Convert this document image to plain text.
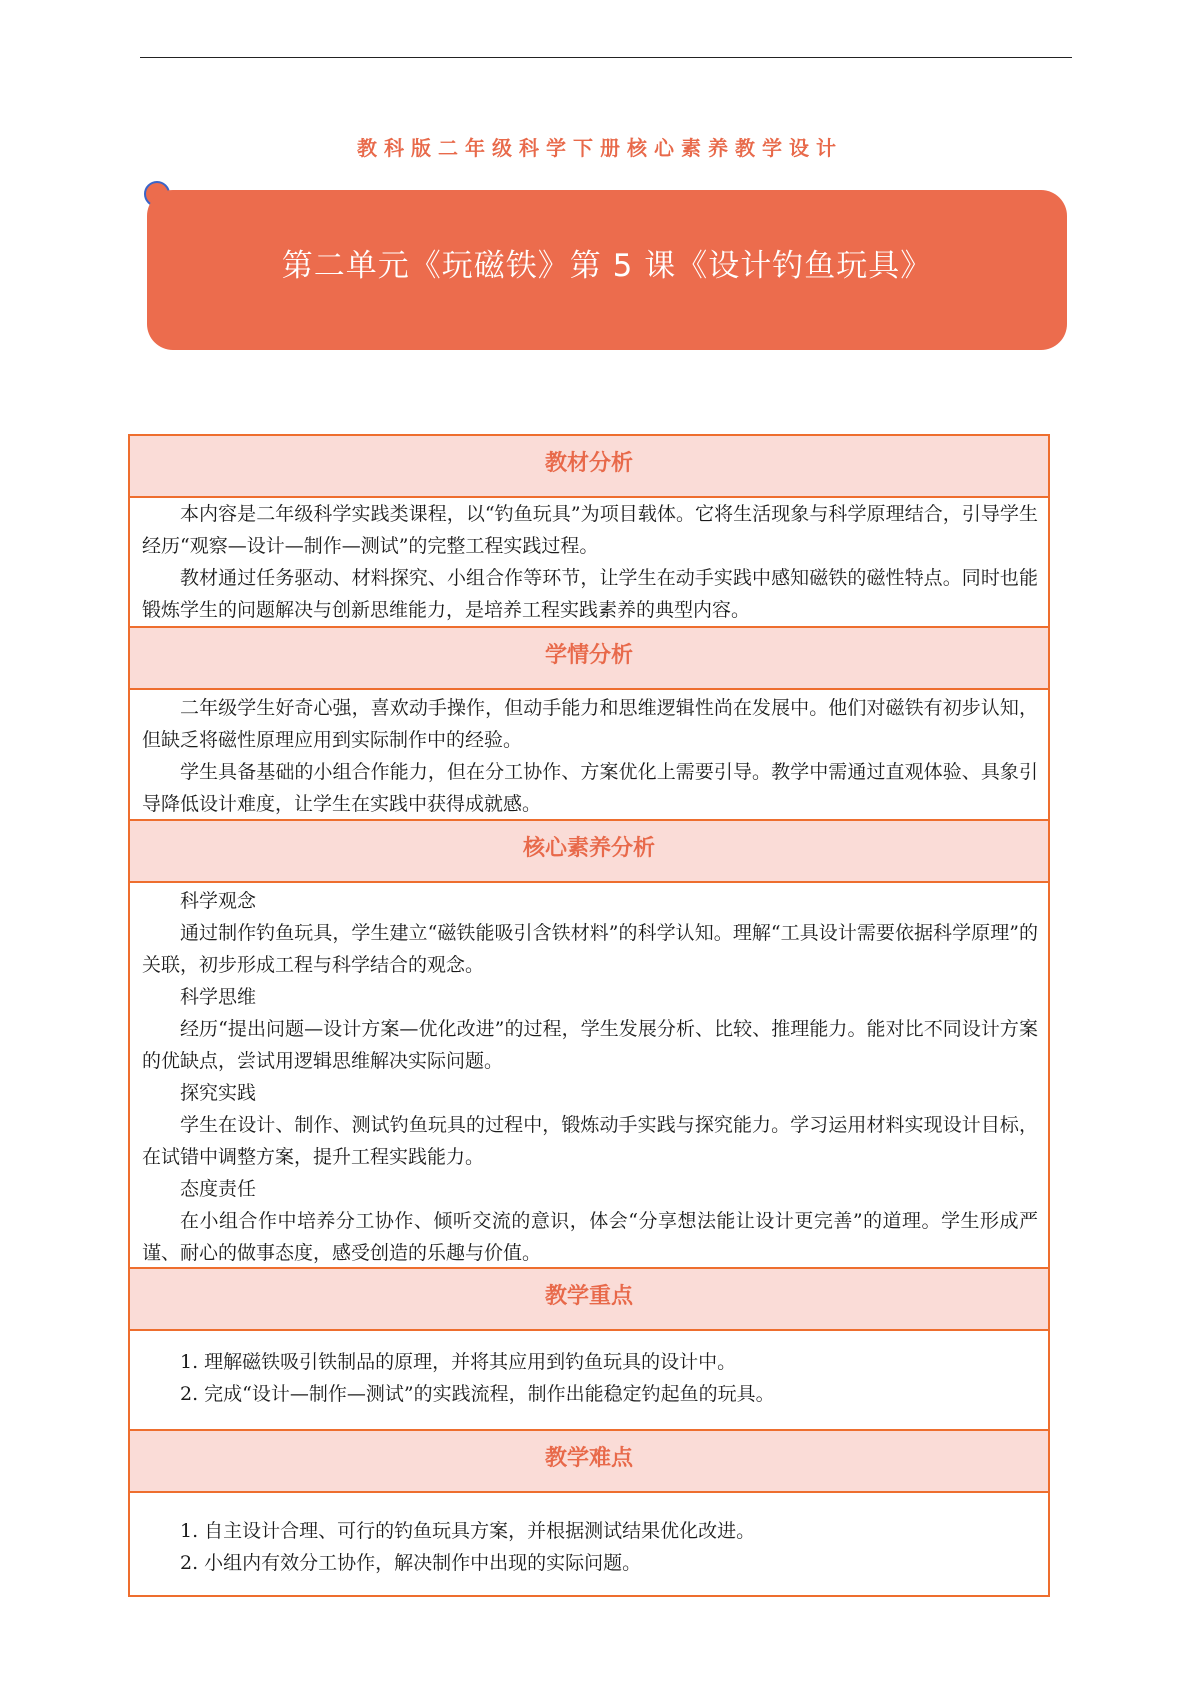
教科版二年级科学下册核心素养教学设计
第二单元《玩磁铁》第 5 课《设计钓鱼玩具》
教材分析

本内容是二年级科学实践类课程，以“钓鱼玩具”为项目载体。它将生活现象与科学原理结合，引导学生经历“观察—设计—制作—测试”的完整工程实践过程。

教材通过任务驱动、材料探究、小组合作等环节，让学生在动手实践中感知磁铁的磁性特点。同时也能锻炼学生的问题解决与创新思维能力，是培养工程实践素养的典型内容。

学情分析

二年级学生好奇心强，喜欢动手操作，但动手能力和思维逻辑性尚在发展中。他们对磁铁有初步认知，但缺乏将磁性原理应用到实际制作中的经验。

学生具备基础的小组合作能力，但在分工协作、方案优化上需要引导。教学中需通过直观体验、具象引导降低设计难度，让学生在实践中获得成就感。

核心素养分析

科学观念

通过制作钓鱼玩具，学生建立“磁铁能吸引含铁材料”的科学认知。理解“工具设计需要依据科学原理”的关联，初步形成工程与科学结合的观念。

科学思维

经历“提出问题—设计方案—优化改进”的过程，学生发展分析、比较、推理能力。能对比不同设计方案的优缺点，尝试用逻辑思维解决实际问题。

探究实践

学生在设计、制作、测试钓鱼玩具的过程中，锻炼动手实践与探究能力。学习运用材料实现设计目标，在试错中调整方案，提升工程实践能力。

态度责任

在小组合作中培养分工协作、倾听交流的意识，体会“分享想法能让设计更完善”的道理。学生形成严谨、耐心的做事态度，感受创造的乐趣与价值。

教学重点

1. 理解磁铁吸引铁制品的原理，并将其应用到钓鱼玩具的设计中。

2. 完成“设计—制作—测试”的实践流程，制作出能稳定钓起鱼的玩具。

教学难点

1. 自主设计合理、可行的钓鱼玩具方案，并根据测试结果优化改进。

2. 小组内有效分工协作，解决制作中出现的实际问题。
